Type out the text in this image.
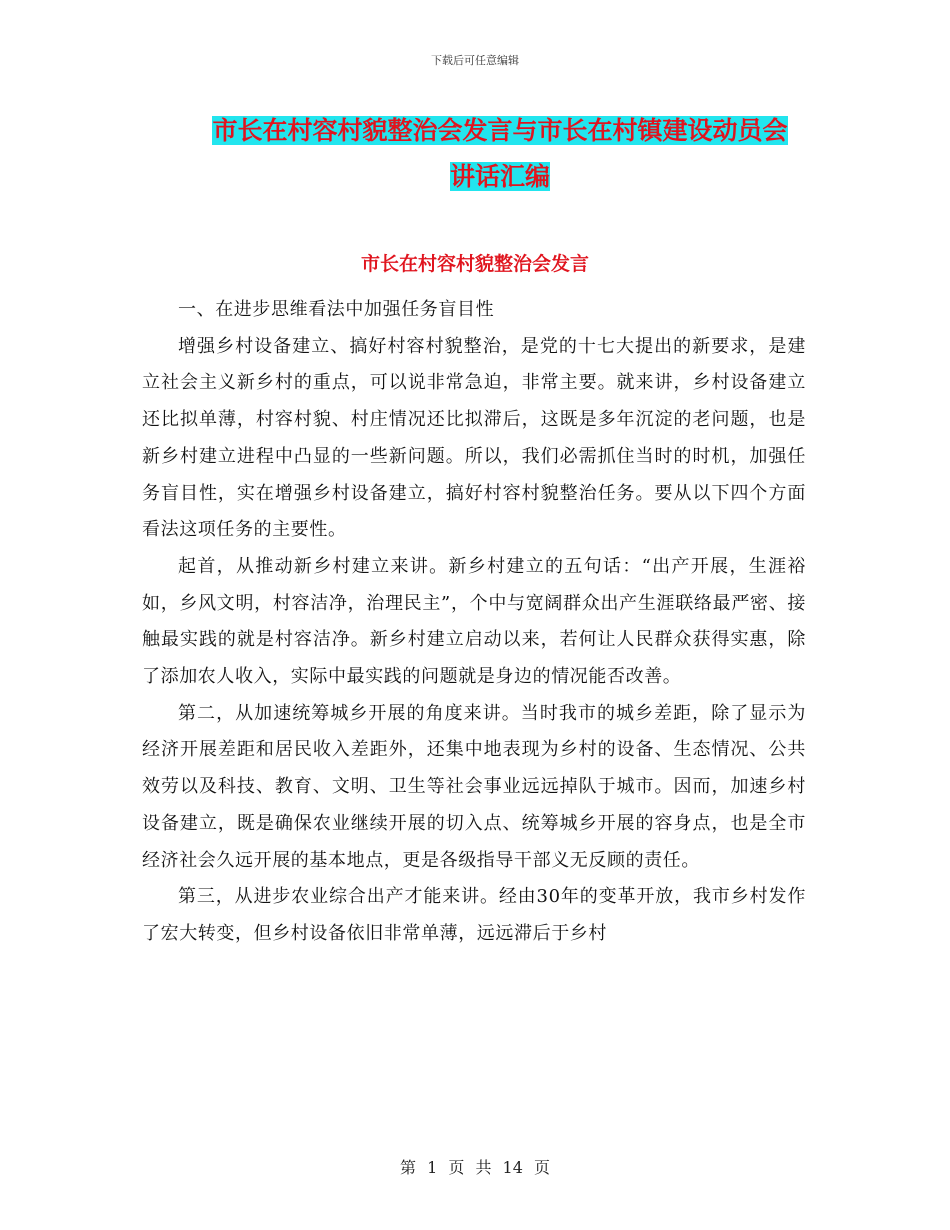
下载后可任意编辑
市长在村容村貌整治会发言与市长在村镇建设动员会
讲话汇编
市长在村容村貌整治会发言

一、在进步思维看法中加强任务盲目性

增强乡村设备建立、搞好村容村貌整治，是党的十七大提出的新要求，是建立社会主义新乡村的重点，可以说非常急迫，非常主要。就来讲，乡村设备建立还比拟单薄，村容村貌、村庄情况还比拟滞后，这既是多年沉淀的老问题，也是新乡村建立进程中凸显的一些新问题。所以，我们必需抓住当时的时机，加强任务盲目性，实在增强乡村设备建立，搞好村容村貌整治任务。要从以下四个方面看法这项任务的主要性。

起首，从推动新乡村建立来讲。新乡村建立的五句话：“出产开展，生涯裕如，乡风文明，村容洁净，治理民主”，个中与宽阔群众出产生涯联络最严密、接触最实践的就是村容洁净。新乡村建立启动以来，若何让人民群众获得实惠，除了添加农人收入，实际中最实践的问题就是身边的情况能否改善。

第二，从加速统筹城乡开展的角度来讲。当时我市的城乡差距，除了显示为经济开展差距和居民收入差距外，还集中地表现为乡村的设备、生态情况、公共效劳以及科技、教育、文明、卫生等社会事业远远掉队于城市。因而，加速乡村设备建立，既是确保农业继续开展的切入点、统筹城乡开展的容身点，也是全市经济社会久远开展的基本地点，更是各级指导干部义无反顾的责任。

第三，从进步农业综合出产才能来讲。经由30年的变革开放，我市乡村发作了宏大转变，但乡村设备依旧非常单薄，远远滞后于乡村

第 1 页 共 14 页
